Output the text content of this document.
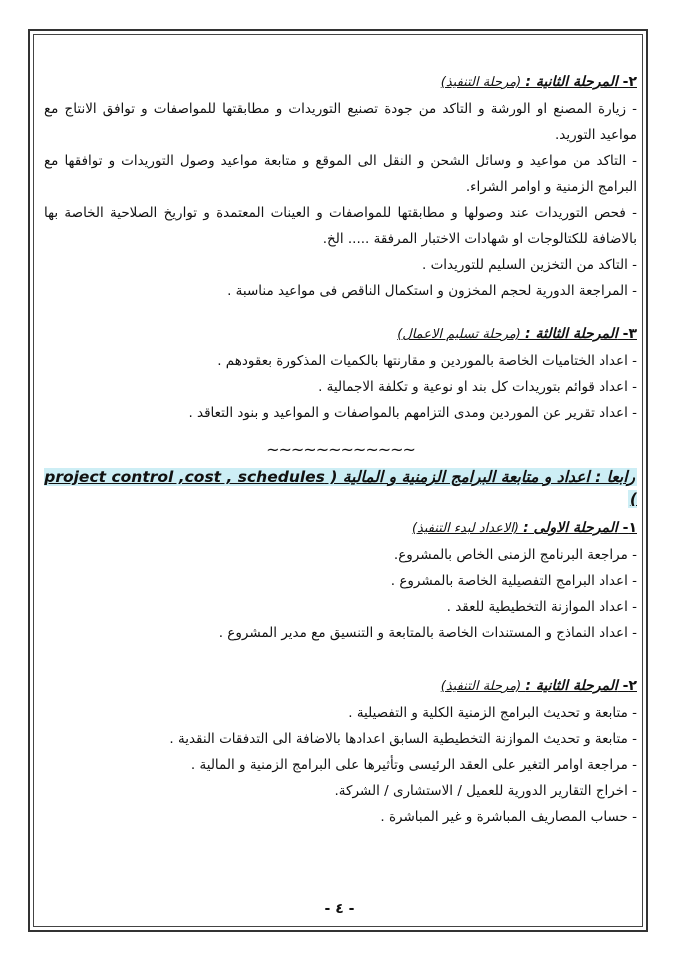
٢- المرحلة الثانية : (مرحلة التنفيذ)

- زيارة المصنع او الورشة و التاكد من جودة تصنيع التوريدات و مطابقتها للمواصفات و توافق الانتاج مع مواعيد التوريد.

- التاكد من مواعيد و وسائل الشحن و النقل الى الموقع و متابعة مواعيد وصول التوريدات و توافقها مع البرامج الزمنية و اوامر الشراء.

- فحص التوريدات عند وصولها و مطابقتها للمواصفات و العينات المعتمدة و تواريخ الصلاحية الخاصة بها بالاضافة للكتالوجات او شهادات الاختبار المرفقة ..... الخ.

- التاكد من التخزين السليم للتوريدات .

- المراجعة الدورية لحجم المخزون و استكمال الناقص فى مواعيد مناسبة .

٣- المرحلة الثالثة : (مرحلة تسليم الاعمال)

- اعداد الختاميات الخاصة بالموردين و مقارنتها بالكميات المذكورة بعقودهم .

- اعداد قوائم بتوريدات كل بند او نوعية و تكلفة الاجمالية .

- اعداد تقرير عن الموردين ومدى التزامهم بالمواصفات و المواعيد و بنود التعاقد .

~~~~~~~~~~~~
رابعا : اعداد و متابعة البرامج الزمنية و المالية ( project control ,cost , schedules )
١- المرحلة الاولى : (الاعداد لبدء التنفيذ)

- مراجعة البرنامج الزمنى الخاص بالمشروع.

- اعداد البرامج التفصيلية الخاصة بالمشروع .

- اعداد الموازنة التخطيطية للعقد .

- اعداد النماذج و المستندات الخاصة بالمتابعة و التنسيق مع مدير المشروع .

٢- المرحلة الثانية : (مرحلة التنفيذ)

- متابعة و تحديث البرامج الزمنية الكلية و التفصيلية .

- متابعة و تحديث الموازنة التخطيطية السابق اعدادها بالاضافة الى التدفقات النقدية .

- مراجعة اوامر التغير على العقد الرئيسى وتأثيرها على البرامج الزمنية و المالية .

- اخراج التقارير الدورية للعميل / الاستشارى / الشركة.

- حساب المصاريف المباشرة و غير المباشرة .

- ٤ -
